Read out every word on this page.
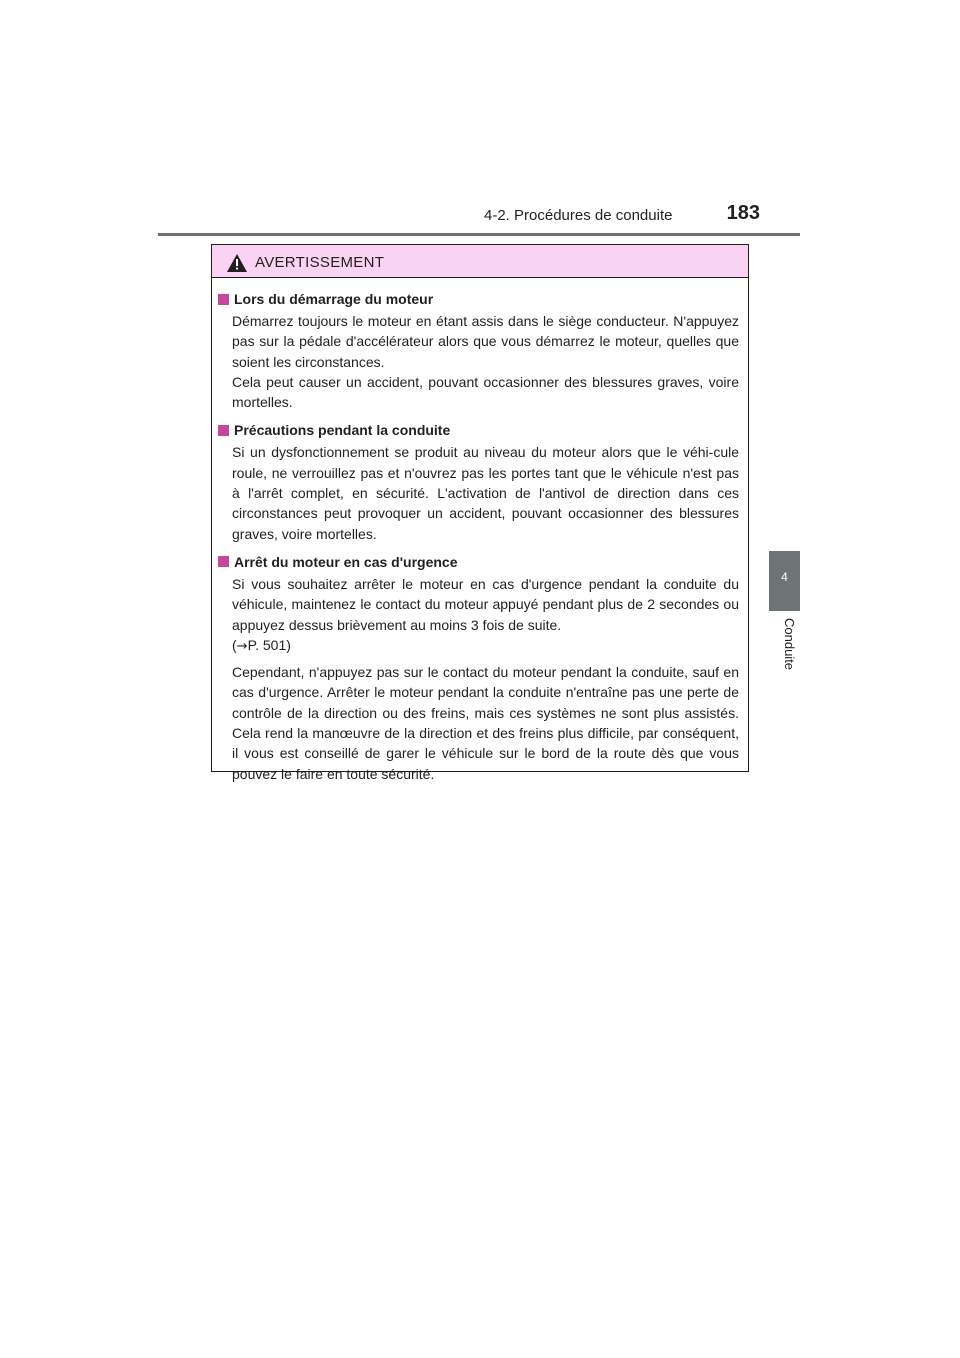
4-2. Procédures de conduite	183
4
Conduite
AVERTISSEMENT
Lors du démarrage du moteur

Démarrez toujours le moteur en étant assis dans le siège conducteur. N'appuyez pas sur la pédale d'accélérateur alors que vous démarrez le moteur, quelles que soient les circonstances.
Cela peut causer un accident, pouvant occasionner des blessures graves, voire mortelles.

Précautions pendant la conduite

Si un dysfonctionnement se produit au niveau du moteur alors que le véhi-cule roule, ne verrouillez pas et n'ouvrez pas les portes tant que le véhicule n'est pas à l'arrêt complet, en sécurité. L'activation de l'antivol de direction dans ces circonstances peut provoquer un accident, pouvant occasionner des blessures graves, voire mortelles.

Arrêt du moteur en cas d'urgence

Si vous souhaitez arrêter le moteur en cas d'urgence pendant la conduite du véhicule, maintenez le contact du moteur appuyé pendant plus de 2 secondes ou appuyez dessus brièvement au moins 3 fois de suite.
(→P. 501)

Cependant, n'appuyez pas sur le contact du moteur pendant la conduite, sauf en cas d'urgence. Arrêter le moteur pendant la conduite n'entraîne pas une perte de contrôle de la direction ou des freins, mais ces systèmes ne sont plus assistés. Cela rend la manœuvre de la direction et des freins plus difficile, par conséquent, il vous est conseillé de garer le véhicule sur le bord de la route dès que vous pouvez le faire en toute sécurité.
